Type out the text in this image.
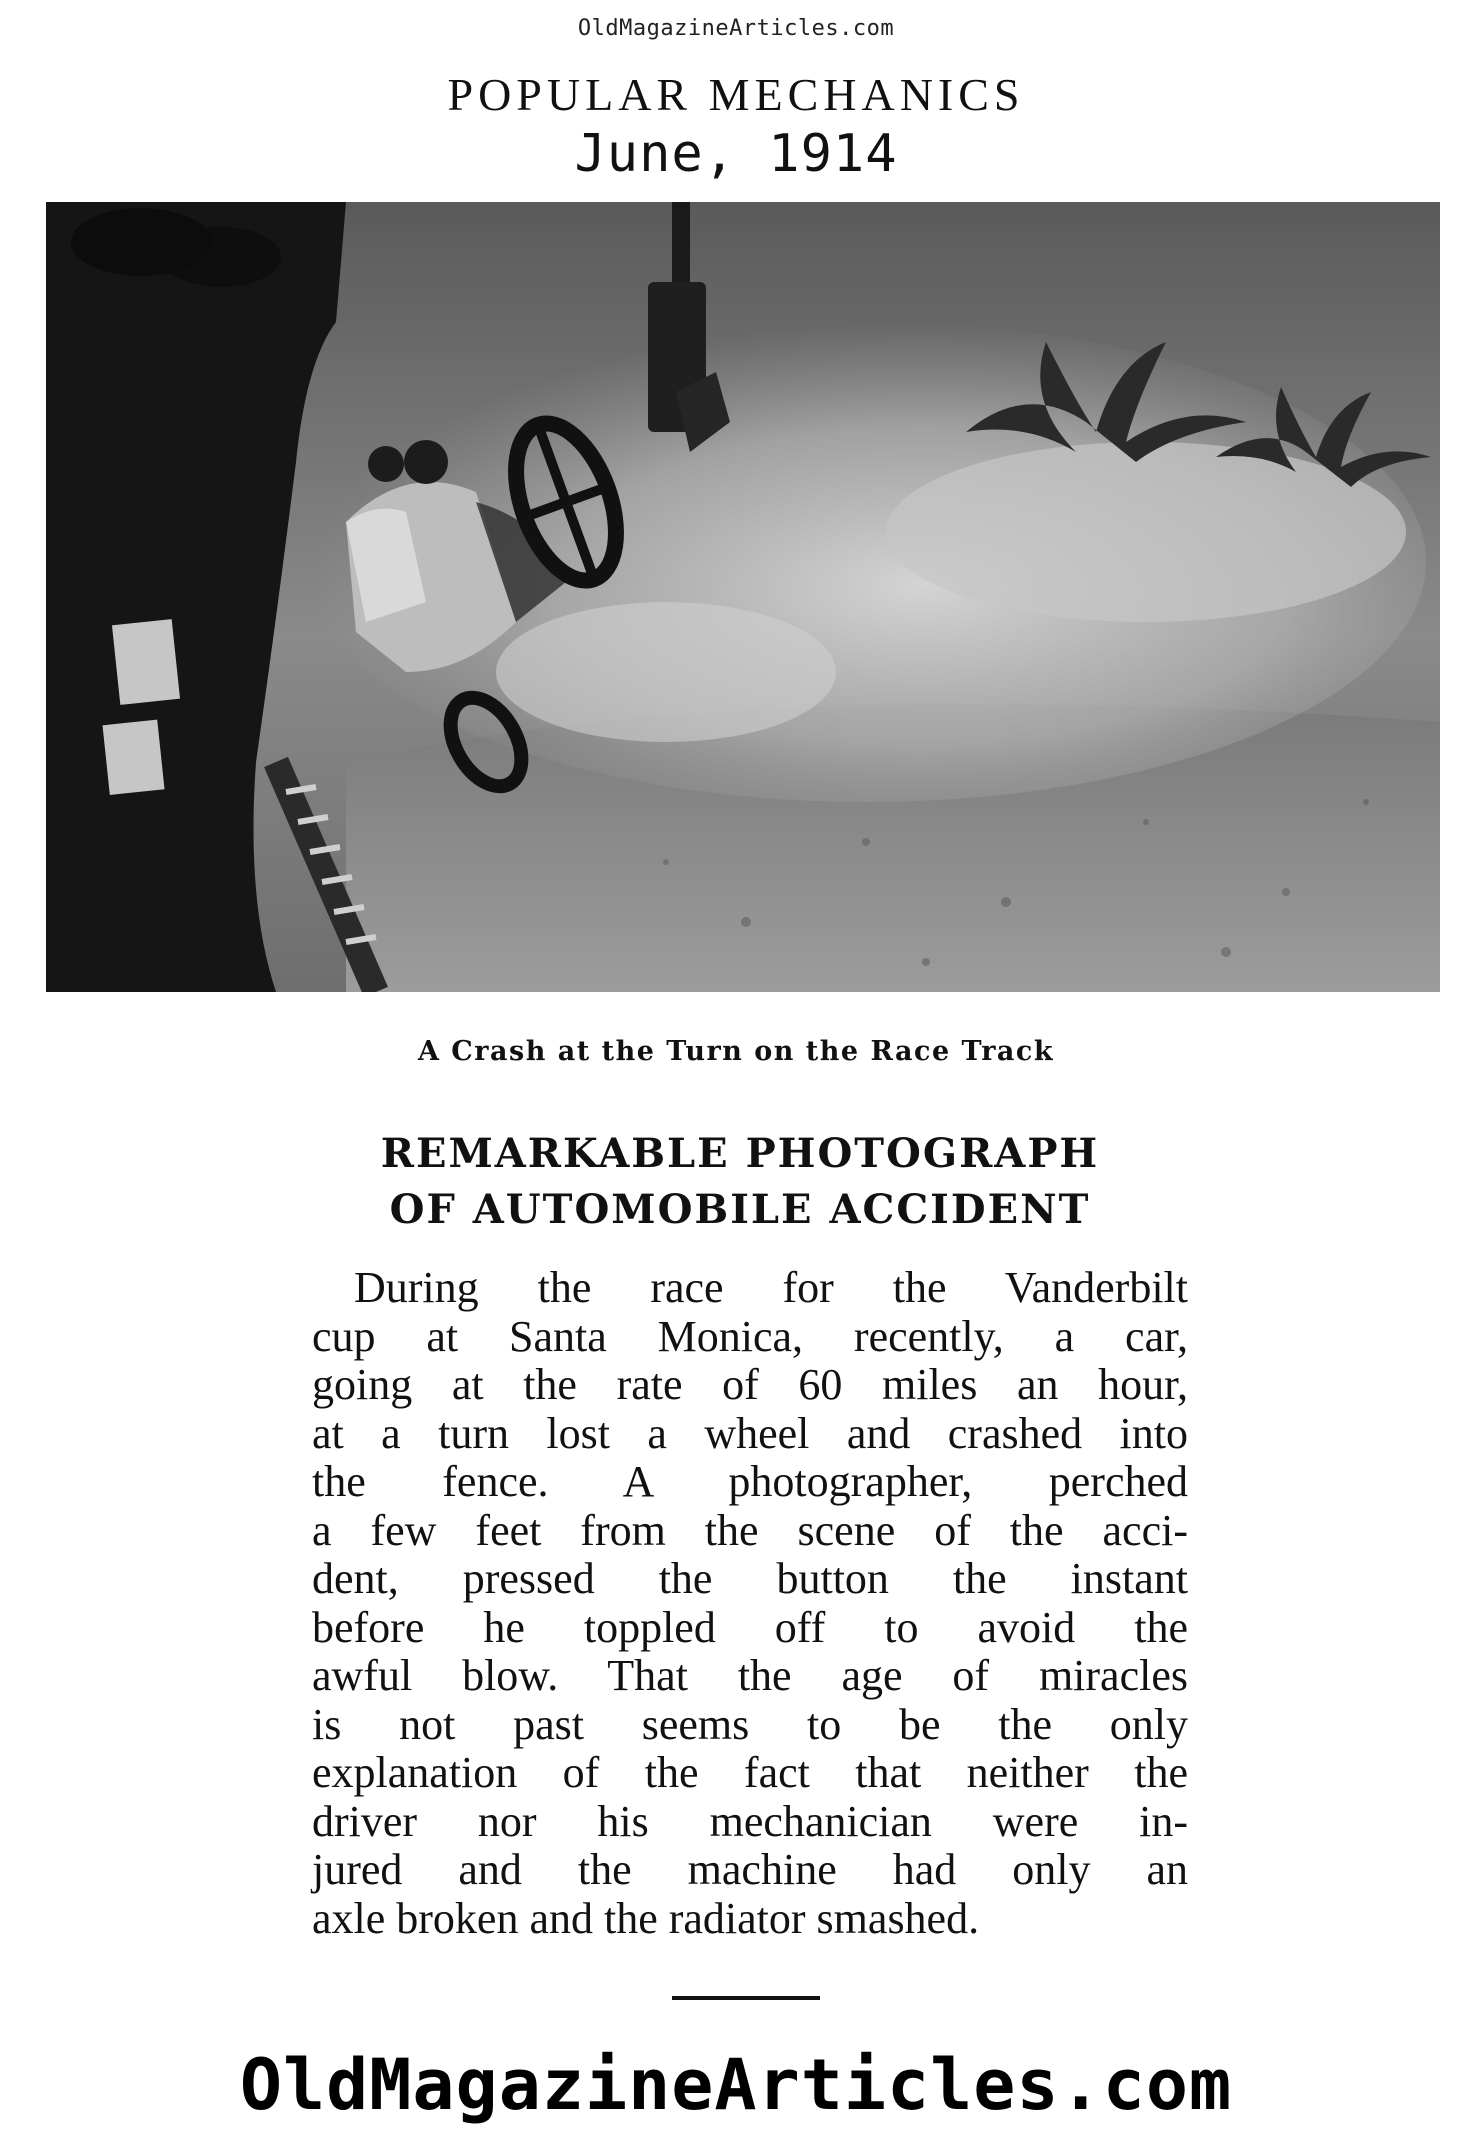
OldMagazineArticles.com
POPULAR MECHANICS
June, 1914
A Crash at the Turn on the Race Track
REMARKABLE PHOTOGRAPH
OF AUTOMOBILE ACCIDENT
During the race for the Vanderbilt
cup at Santa Monica, recently, a car,
going at the rate of 60 miles an hour,
at a turn lost a wheel and crashed into
the fence. A photographer, perched
a few feet from the scene of the acci-
dent, pressed the button the instant
before he toppled off to avoid the
awful blow. That the age of miracles
is not past seems to be the only
explanation of the fact that neither the
driver nor his mechanician were in-
jured and the machine had only an
axle broken and the radiator smashed.
OldMagazineArticles.com
